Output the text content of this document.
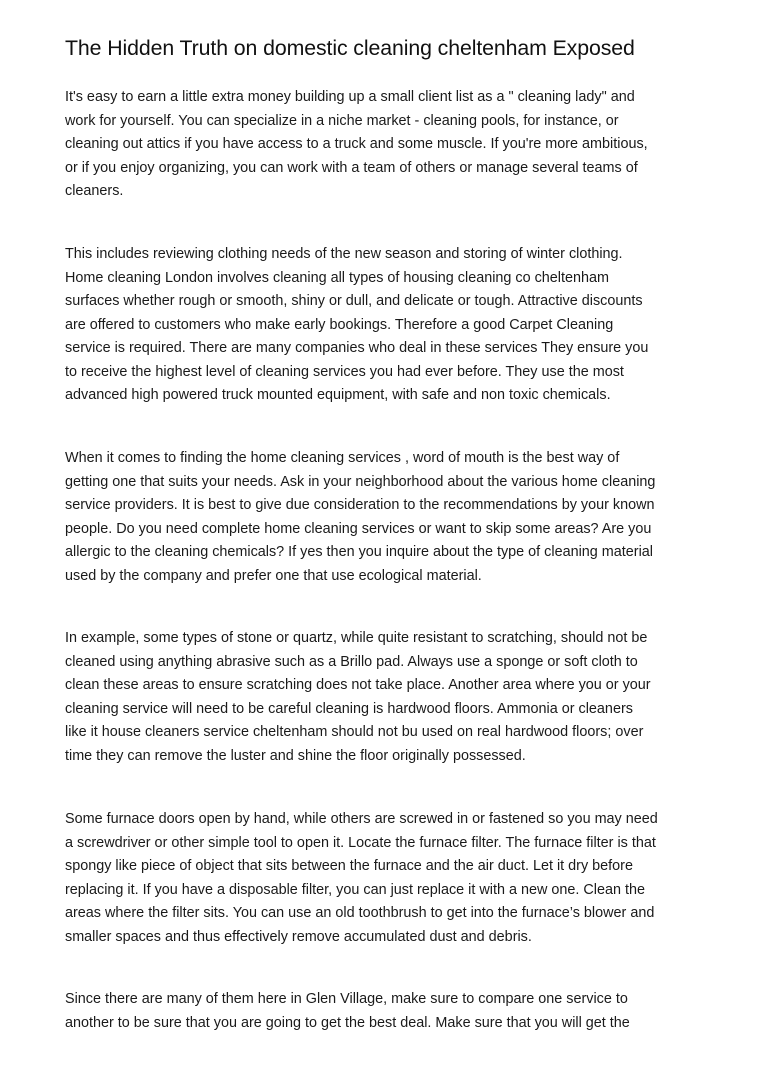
The Hidden Truth on domestic cleaning cheltenham Exposed

It's easy to earn a little extra money building up a small client list as a " cleaning lady" and
work for yourself. You can specialize in a niche market - cleaning pools, for instance, or
cleaning out attics if you have access to a truck and some muscle. If you're more ambitious,
or if you enjoy organizing, you can work with a team of others or manage several teams of
cleaners.

This includes reviewing clothing needs of the new season and storing of winter clothing.
Home cleaning London involves cleaning all types of housing cleaning co cheltenham
surfaces whether rough or smooth, shiny or dull, and delicate or tough. Attractive discounts
are offered to customers who make early bookings. Therefore a good Carpet Cleaning
service is required. There are many companies who deal in these services They ensure you
to receive the highest level of cleaning services you had ever before. They use the most
advanced high powered truck mounted equipment, with safe and non toxic chemicals.

When it comes to finding the home cleaning services , word of mouth is the best way of
getting one that suits your needs. Ask in your neighborhood about the various home cleaning
service providers. It is best to give due consideration to the recommendations by your known
people. Do you need complete home cleaning services or want to skip some areas? Are you
allergic to the cleaning chemicals? If yes then you inquire about the type of cleaning material
used by the company and prefer one that use ecological material.

In example, some types of stone or quartz, while quite resistant to scratching, should not be
cleaned using anything abrasive such as a Brillo pad. Always use a sponge or soft cloth to
clean these areas to ensure scratching does not take place. Another area where you or your
cleaning service will need to be careful cleaning is hardwood floors. Ammonia or cleaners
like it house cleaners service cheltenham should not bu used on real hardwood floors; over
time they can remove the luster and shine the floor originally possessed.

Some furnace doors open by hand, while others are screwed in or fastened so you may need
a screwdriver or other simple tool to open it. Locate the furnace filter. The furnace filter is that
spongy like piece of object that sits between the furnace and the air duct. Let it dry before
replacing it. If you have a disposable filter, you can just replace it with a new one. Clean the
areas where the filter sits. You can use an old toothbrush to get into the furnace’s blower and
smaller spaces and thus effectively remove accumulated dust and debris.

Since there are many of them here in Glen Village, make sure to compare one service to
another to be sure that you are going to get the best deal. Make sure that you will get the
